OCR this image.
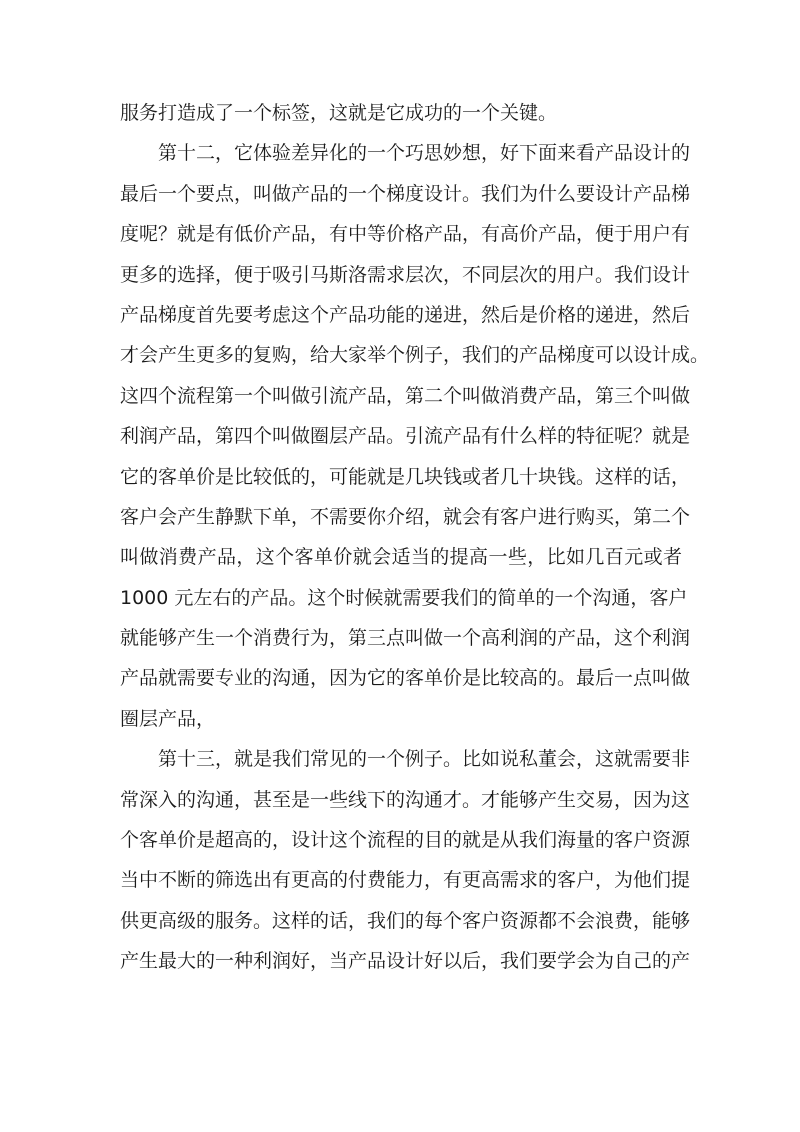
服务打造成了一个标签，这就是它成功的一个关键。
第十二，它体验差异化的一个巧思妙想，好下面来看产品设计的
最后一个要点，叫做产品的一个梯度设计。我们为什么要设计产品梯
度呢？就是有低价产品，有中等价格产品，有高价产品，便于用户有
更多的选择，便于吸引马斯洛需求层次，不同层次的用户。我们设计
产品梯度首先要考虑这个产品功能的递进，然后是价格的递进，然后
才会产生更多的复购，给大家举个例子，我们的产品梯度可以设计成。
这四个流程第一个叫做引流产品，第二个叫做消费产品，第三个叫做
利润产品，第四个叫做圈层产品。引流产品有什么样的特征呢？就是
它的客单价是比较低的，可能就是几块钱或者几十块钱。这样的话，
客户会产生静默下单，不需要你介绍，就会有客户进行购买，第二个
叫做消费产品，这个客单价就会适当的提高一些，比如几百元或者
1000 元左右的产品。这个时候就需要我们的简单的一个沟通，客户
就能够产生一个消费行为，第三点叫做一个高利润的产品，这个利润
产品就需要专业的沟通，因为它的客单价是比较高的。最后一点叫做
圈层产品，
第十三，就是我们常见的一个例子。比如说私董会，这就需要非
常深入的沟通，甚至是一些线下的沟通才。才能够产生交易，因为这
个客单价是超高的，设计这个流程的目的就是从我们海量的客户资源
当中不断的筛选出有更高的付费能力，有更高需求的客户，为他们提
供更高级的服务。这样的话，我们的每个客户资源都不会浪费，能够
产生最大的一种利润好，当产品设计好以后，我们要学会为自己的产
